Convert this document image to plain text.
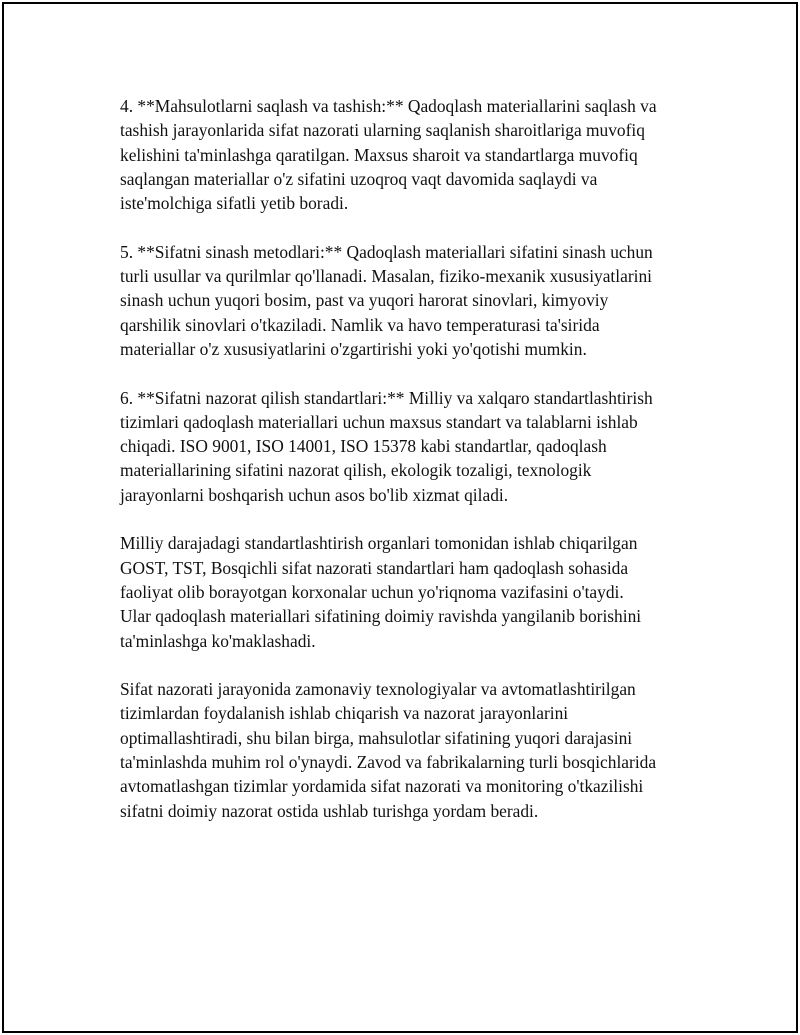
4. **Mahsulotlarni saqlash va tashish:** Qadoqlash materiallarini saqlash va
tashish jarayonlarida sifat nazorati ularning saqlanish sharoitlariga muvofiq
kelishini ta'minlashga qaratilgan. Maxsus sharoit va standartlarga muvofiq
saqlangan materiallar o'z sifatini uzoqroq vaqt davomida saqlaydi va
iste'molchiga sifatli yetib boradi.

5. **Sifatni sinash metodlari:** Qadoqlash materiallari sifatini sinash uchun
turli usullar va qurilmlar qo'llanadi. Masalan, fiziko-mexanik xususiyatlarini
sinash uchun yuqori bosim, past va yuqori harorat sinovlari, kimyoviy
qarshilik sinovlari o'tkaziladi. Namlik va havo temperaturasi ta'sirida
materiallar o'z xususiyatlarini o'zgartirishi yoki yo'qotishi mumkin.

6. **Sifatni nazorat qilish standartlari:** Milliy va xalqaro standartlashtirish
tizimlari qadoqlash materiallari uchun maxsus standart va talablarni ishlab
chiqadi. ISO 9001, ISO 14001, ISO 15378 kabi standartlar, qadoqlash
materiallarining sifatini nazorat qilish, ekologik tozaligi, texnologik
jarayonlarni boshqarish uchun asos bo'lib xizmat qiladi.

Milliy darajadagi standartlashtirish organlari tomonidan ishlab chiqarilgan
GOST, TST, Bosqichli sifat nazorati standartlari ham qadoqlash sohasida
faoliyat olib borayotgan korxonalar uchun yo'riqnoma vazifasini o'taydi.
Ular qadoqlash materiallari sifatining doimiy ravishda yangilanib borishini
ta'minlashga ko'maklashadi.

Sifat nazorati jarayonida zamonaviy texnologiyalar va avtomatlashtirilgan
tizimlardan foydalanish ishlab chiqarish va nazorat jarayonlarini
optimallashtiradi, shu bilan birga, mahsulotlar sifatining yuqori darajasini
ta'minlashda muhim rol o'ynaydi. Zavod va fabrikalarning turli bosqichlarida
avtomatlashgan tizimlar yordamida sifat nazorati va monitoring o'tkazilishi
sifatni doimiy nazorat ostida ushlab turishga yordam beradi.
